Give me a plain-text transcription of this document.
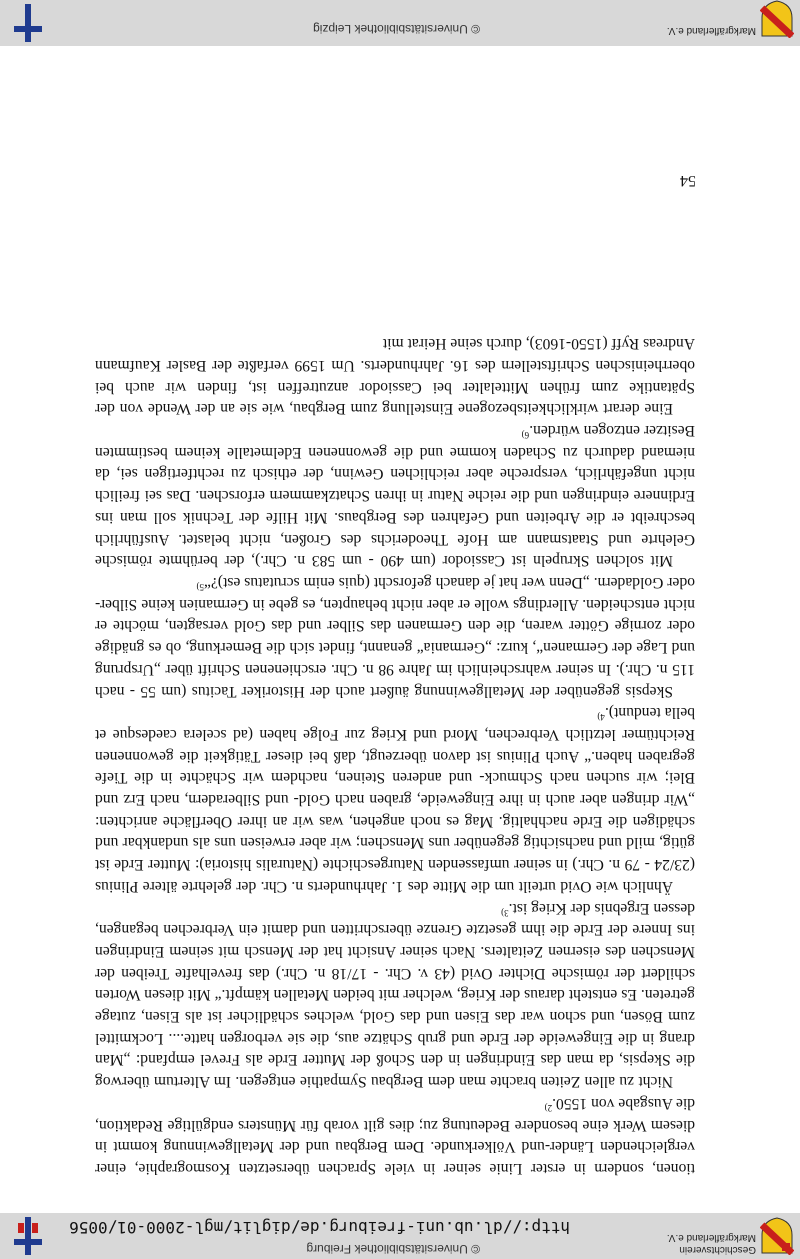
Geschichtsverein
Markgräflerland e.V.
© Universitätsbibliothek Freiburg
http://dl.ub.uni-freiburg.de/diglit/mgl-2000-01/0056

tionen, sondern in erster Linie seiner in viele Sprachen übersetzten Kosmographie, einer vergleichenden Länder-und Völkerkunde. Dem Bergbau und der Metallgewinnung kommt in diesem Werk eine besondere Bedeutung zu; dies gilt vorab für Münsters endgültige Redaktion, die Ausgabe von 1550.$^{2)}$

Nicht zu allen Zeiten brachte man dem Bergbau Sympathie entgegen. Im Altertum überwog die Skepsis, da man das Eindringen in den Schoß der Mutter Erde als Frevel empfand: „Man drang in die Eingeweide der Erde und grub Schätze aus, die sie verborgen hatte.... Lockmittel zum Bösen, und schon war das Eisen und das Gold, welches schädlicher ist als Eisen, zutage getreten. Es entsteht daraus der Krieg, welcher mit beiden Metallen kämpft.“ Mit diesen Worten schildert der römische Dichter Ovid (43 v. Chr. - 17/18 n. Chr.) das frevelhafte Treiben der Menschen des eisernen Zeitalters. Nach seiner Ansicht hat der Mensch mit seinem Eindringen ins Innere der Erde die ihm gesetzte Grenze überschritten und damit ein Verbrechen begangen, dessen Ergebnis der Krieg ist.$^{3)}$

Ähnlich wie Ovid urteilt um die Mitte des 1. Jahrhunderts n. Chr. der gelehrte ältere Plinius (23/24 - 79 n. Chr.) in seiner umfassenden Naturgeschichte (Naturalis historia): Mutter Erde ist gütig, mild und nachsichtig gegenüber uns Menschen; wir aber erweisen uns als undankbar und schädigen die Erde nachhaltig. Mag es noch angehen, was wir an ihrer Oberfläche anrichten: „Wir dringen aber auch in ihre Eingeweide, graben nach Gold- und Silberadern, nach Erz und Blei; wir suchen nach Schmuck- und anderen Steinen, nachdem wir Schächte in die Tiefe gegraben haben.“ Auch Plinius ist davon überzeugt, daß bei dieser Tätigkeit die gewonnenen Reichtümer letztlich Verbrechen, Mord und Krieg zur Folge haben (ad scelera caedesque et bella tendunt).$^{4)}$

Skepsis gegenüber der Metallgewinnung äußert auch der Historiker Tacitus (um 55 - nach 115 n. Chr.). In seiner wahrscheinlich im Jahre 98 n. Chr. erschienenen Schrift über „Ursprung und Lage der Germanen“, kurz: „Germania“ genannt, findet sich die Bemerkung, ob es gnädige oder zornige Götter waren, die den Germanen das Silber und das Gold versagten, möchte er nicht entscheiden. Allerdings wolle er aber nicht behaupten, es gebe in Germanien keine Silber- oder Goldadern. „Denn wer hat je danach geforscht (quis enim scrutatus est)?“$^{5)}$

Mit solchen Skrupeln ist Cassiodor (um 490 - um 583 n. Chr.), der berühmte römische Gelehrte und Staatsmann am Hofe Theoderichs des Großen, nicht belastet. Ausführlich beschreibt er die Arbeiten und Gefahren des Bergbaus. Mit Hilfe der Technik soll man ins Erdinnere eindringen und die reiche Natur in ihren Schatzkammern erforschen. Das sei freilich nicht ungefährlich, verspreche aber reichlichen Gewinn, der ethisch zu rechtfertigen sei, da niemand dadurch zu Schaden komme und die gewonnenen Edelmetalle keinem bestimmten Besitzer entzogen würden.$^{6)}$

Eine derart wirklichkeitsbezogene Einstellung zum Bergbau, wie sie an der Wende von der Spätantike zum frühen Mittelalter bei Cassiodor anzutreffen ist, finden wir auch bei oberrheinischen Schriftstellern des 16. Jahrhunderts. Um 1599 verfaßte der Basler Kaufmann Andreas Ryff (1550-1603), durch seine Heirat mit

54
Markgräflerland e.V.
© Universitätsbibliothek Leipzig
